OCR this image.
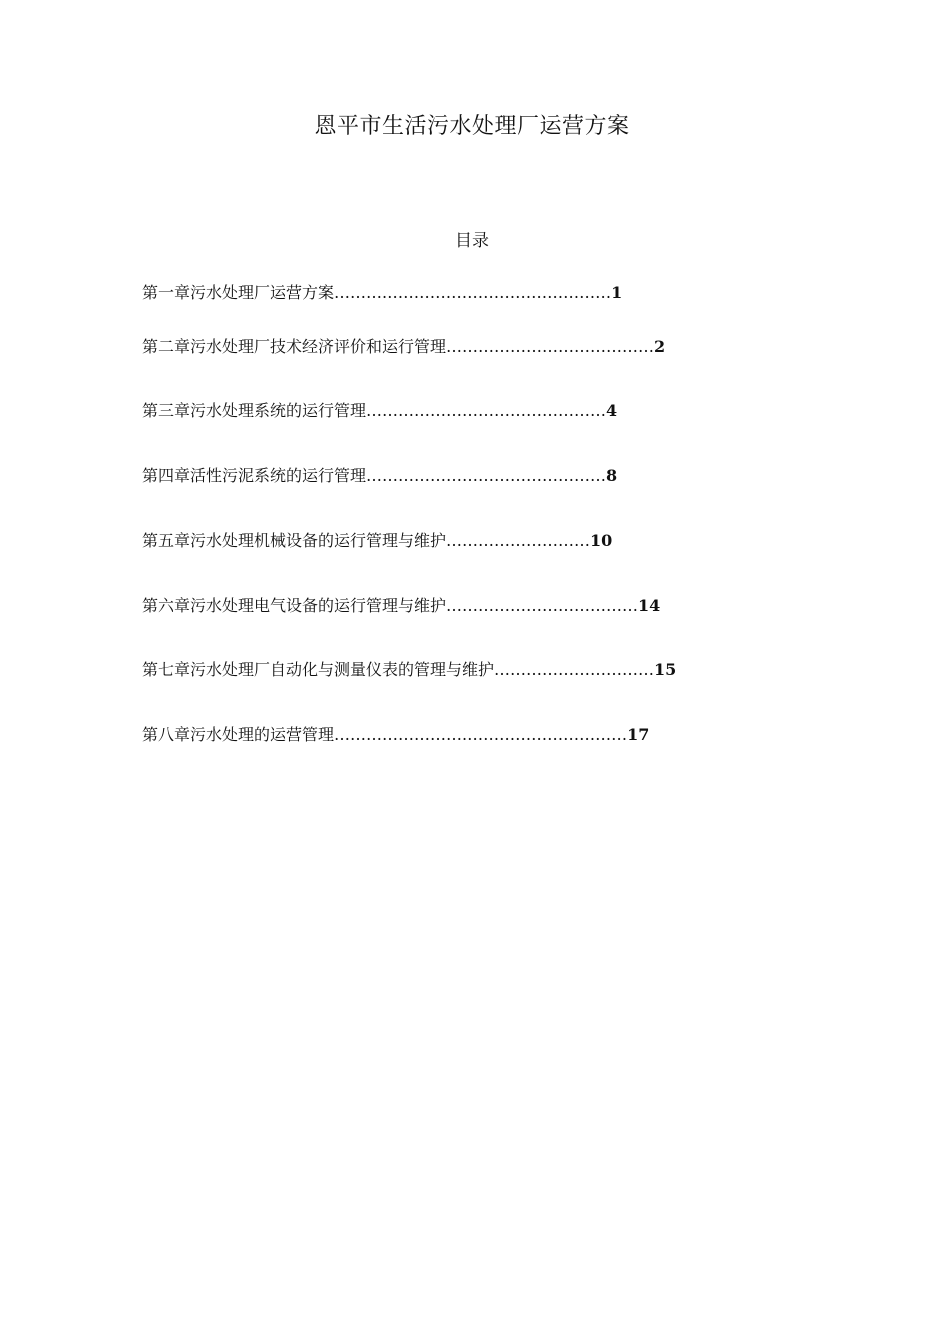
恩平市生活污水处理厂运营方案
目录
第一章污水处理厂运营方案……….……………………………………1
第二章污水处理厂技术经济评价和运行管理…………………………………2
第三章污水处理系统的运行管理………………………………………4
第四章活性污泥系统的运行管理………………………………………8
第五章污水处理机械设备的运行管理与维护………………………10
第六章污水处理电气设备的运行管理与维护………………………………14
第七章污水处理厂自动化与测量仪表的管理与维护…………………………15
第八章污水处理的运营管理…………………….…………………………17
